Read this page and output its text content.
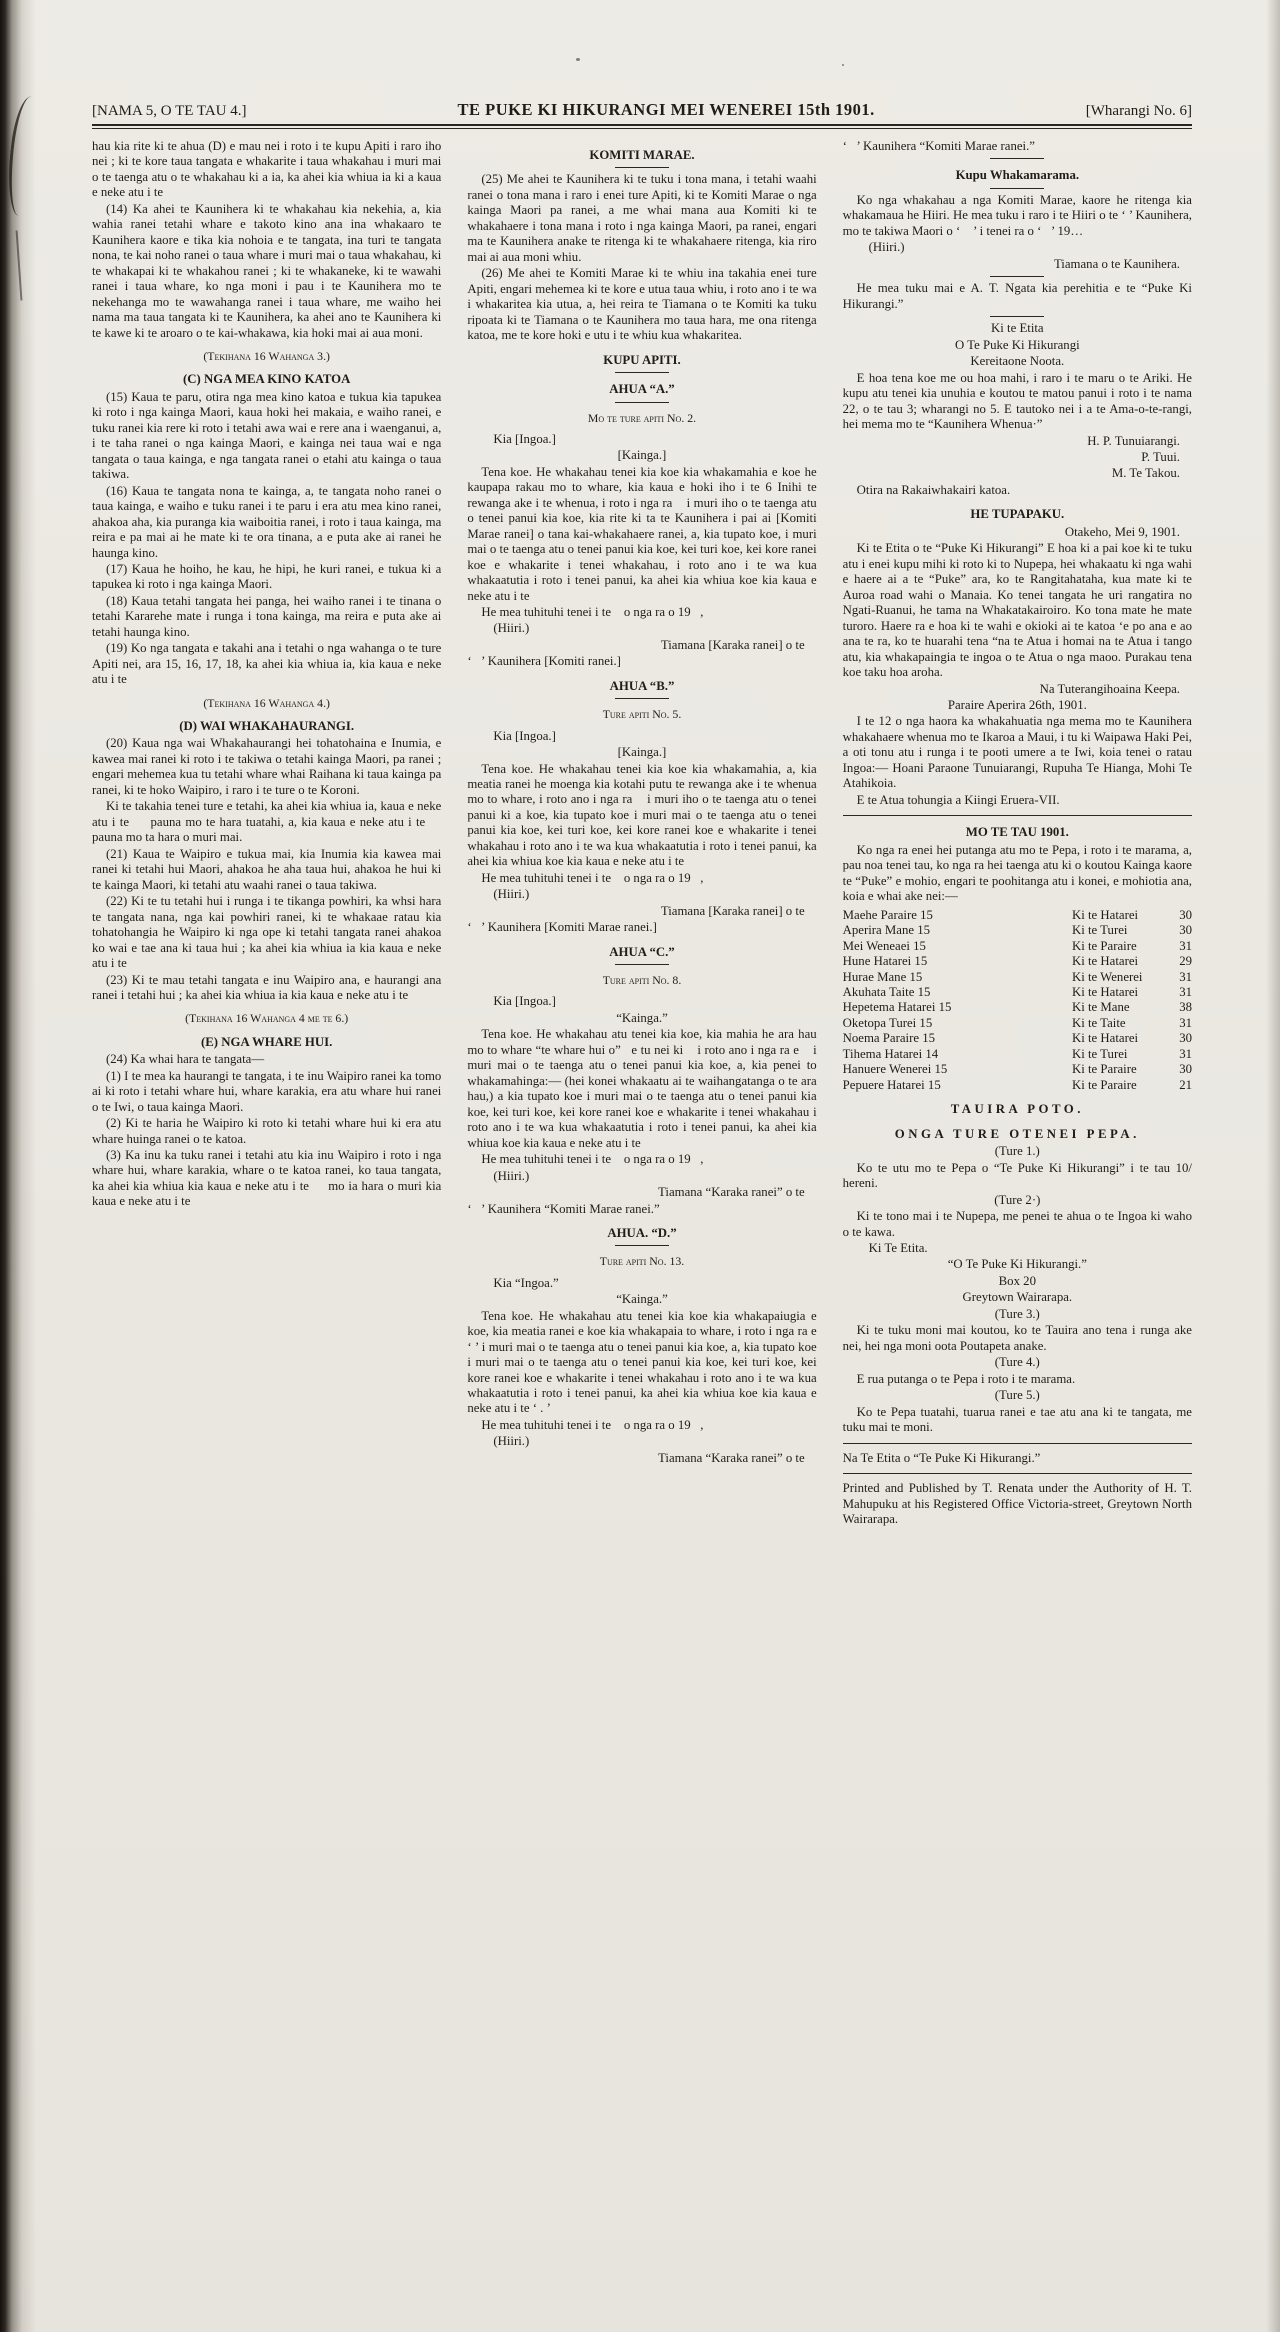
[NAMA 5, O TE TAU 4.]	TE PUKE KI HIKURANGI MEI WENEREI 15th 1901.	[Wharangi No. 6]
hau kia rite ki te ahua (D) e mau nei i roto i te kupu Apiti i raro iho nei ; ki te kore taua tangata e whakarite i taua whakahau i muri mai o te taenga atu o te whakahau ki a ia, ka ahei kia whiua ia ki a kaua e neke atu i te
(14) Ka ahei te Kaunihera ki te whakahau kia nekehia, a, kia wahia ranei tetahi whare e takoto kino ana ina whakaaro te Kaunihera kaore e tika kia nohoia e te tangata, ina turi te tangata nona, te kai noho ranei o taua whare i muri mai o taua whakahau, ki te whakapai ki te whakahou ranei ; ki te whakaneke, ki te wawahi ranei i taua whare, ko nga moni i pau i te Kaunihera mo te nekehanga mo te wawahanga ranei i taua whare, me waiho hei nama ma taua tangata ki te Kaunihera, ka ahei ano te Kaunihera ki te kawe ki te aroaro o te kai-whakawa, kia hoki mai ai aua moni.
(Tekihana 16 Wahanga 3.)
(C) NGA MEA KINO KATOA
(15) Kaua te paru, otira nga mea kino katoa e tukua kia tapukea ki roto i nga kainga Maori, kaua hoki hei makaia, e waiho ranei, e tuku ranei kia rere ki roto i tetahi awa wai e rere ana i waenganui, a, i te taha ranei o nga kainga Maori, e kainga nei taua wai e nga tangata o taua kainga, e nga tangata ranei o etahi atu kainga o taua takiwa.
(16) Kaua te tangata nona te kainga, a, te tangata noho ranei o taua kainga, e waiho e tuku ranei i te paru i era atu mea kino ranei, ahakoa aha, kia puranga kia waiboitia ranei, i roto i taua kainga, ma reira e pa mai ai he mate ki te ora tinana, a e puta ake ai ranei he haunga kino.
(17) Kaua he hoiho, he kau, he hipi, he kuri ranei, e tukua ki a tapukea ki roto i nga kainga Maori.
(18) Kaua tetahi tangata hei panga, hei waiho ranei i te tinana o tetahi Kararehe mate i runga i tona kainga, ma reira e puta ake ai tetahi haunga kino.
(19) Ko nga tangata e takahi ana i tetahi o nga wahanga o te ture Apiti nei, ara 15, 16, 17, 18, ka ahei kia whiua ia, kia kaua e neke atu i te
(Tekihana 16 Wahanga 4.)
(D) WAI WHAKAHAURANGI.
(20) Kaua nga wai Whakahaurangi hei tohatohaina e Inumia, e kawea mai ranei ki roto i te takiwa o tetahi kainga Maori, pa ranei ; engari mehemea kua tu tetahi whare whai Raihana ki taua kainga pa ranei, ki te hoko Waipiro, i raro i te ture o te Koroni.
Ki te takahia tenei ture e tetahi, ka ahei kia whiua ia, kaua e neke atu i te     pauna mo te hara tuatahi, a, kia kaua e neke atu i te     pauna mo ta hara o muri mai.
(21) Kaua te Waipiro e tukua mai, kia Inumia kia kawea mai ranei ki tetahi hui Maori, ahakoa he aha taua hui, ahakoa he hui ki te kainga Maori, ki tetahi atu waahi ranei o taua takiwa.
(22) Ki te tu tetahi hui i runga i te tikanga powhiri, ka whsi hara te tangata nana, nga kai powhiri ranei, ki te whakaae ratau kia tohatohangia he Waipiro ki nga ope ki tetahi tangata ranei ahakoa ko wai e tae ana ki taua hui ; ka ahei kia whiua ia kia kaua e neke atu i te
(23) Ki te mau tetahi tangata e inu Waipiro ana, e haurangi ana ranei i tetahi hui ; ka ahei kia whiua ia kia kaua e neke atu i te
(Tekihana 16 Wahanga 4 me te 6.)
(E) NGA WHARE HUI.
(24) Ka whai hara te tangata—
(1) I te mea ka haurangi te tangata, i te inu Waipiro ranei ka tomo ai ki roto i tetahi whare hui, whare karakia, era atu whare hui ranei o te Iwi, o taua kainga Maori.
(2) Ki te haria he Waipiro ki roto ki tetahi whare hui ki era atu whare huinga ranei o te katoa.
(3) Ka inu ka tuku ranei i tetahi atu kia inu Waipiro i roto i nga whare hui, whare karakia, whare o te katoa ranei, ko taua tangata, ka ahei kia whiua kia kaua e neke atu i te     mo ia hara o muri kia kaua e neke atu i te
KOMITI MARAE.
(25) Me ahei te Kaunihera ki te tuku i tona mana, i tetahi waahi ranei o tona mana i raro i enei ture Apiti, ki te Komiti Marae o nga kainga Maori pa ranei, a me whai mana aua Komiti ki te whakahaere i tona mana i roto i nga kainga Maori, pa ranei, engari ma te Kaunihera anake te ritenga ki te whakahaere ritenga, kia riro mai ai aua moni whiu.
(26) Me ahei te Komiti Marae ki te whiu ina takahia enei ture Apiti, engari mehemea ki te kore e utua taua whiu, i roto ano i te wa i whakaritea kia utua, a, hei reira te Tiamana o te Komiti ka tuku ripoata ki te Tiamana o te Kaunihera mo taua hara, me ona ritenga katoa, me te kore hoki e utu i te whiu kua whakaritea.
KUPU APITI.
AHUA “A.”
Mo te ture apiti No. 2.
Kia [Ingoa.]
[Kainga.]
Tena koe. He whakahau tenei kia koe kia whakamahia e koe he kaupapa rakau mo to whare, kia kaua e hoki iho i te 6 Inihi te rewanga ake i te whenua, i roto i nga ra    i muri iho o te taenga atu o tenei panui kia koe, kia rite ki ta te Kaunihera i pai ai [Komiti Marae ranei] o tana kai-whakahaere ranei, a, kia tupato koe, i muri mai o te taenga atu o tenei panui kia koe, kei turi koe, kei kore ranei koe e whakarite i tenei whakahau, i roto ano i te wa kua whakaatutia i roto i tenei panui, ka ahei kia whiua koe kia kaua e neke atu i te
He mea tuhituhi tenei i te    o nga ra o 19   ,
(Hiiri.)
Tiamana [Karaka ranei] o te
‘   ’ Kaunihera [Komiti ranei.]
AHUA “B.”
Ture apiti No. 5.
Kia [Ingoa.]
[Kainga.]
Tena koe. He whakahau tenei kia koe kia whakamahia, a, kia meatia ranei he moenga kia kotahi putu te rewanga ake i te whenua mo to whare, i roto ano i nga ra    i muri iho o te taenga atu o tenei panui ki a koe, kia tupato koe i muri mai o te taenga atu o tenei panui kia koe, kei turi koe, kei kore ranei koe e whakarite i tenei whakahau i roto ano i te wa kua whakaatutia i roto i tenei panui, ka ahei kia whiua koe kia kaua e neke atu i te
He mea tuhituhi tenei i te    o nga ra o 19   ,
(Hiiri.)
Tiamana [Karaka ranei] o te
‘   ’ Kaunihera [Komiti Marae ranei.]
AHUA “C.”
Ture apiti No. 8.
Kia [Ingoa.]
“Kainga.”
Tena koe. He whakahau atu tenei kia koe, kia mahia he ara hau mo to whare “te whare hui o”   e tu nei ki    i roto ano i nga ra e    i muri mai o te taenga atu o tenei panui kia koe, a, kia penei to whakamahinga:— (hei konei whakaatu ai te waihangatanga o te ara hau,) a kia tupato koe i muri mai o te taenga atu o tenei panui kia koe, kei turi koe, kei kore ranei koe e whakarite i tenei whakahau i roto ano i te wa kua whakaatutia i roto i tenei panui, ka ahei kia whiua koe kia kaua e neke atu i te
He mea tuhituhi tenei i te    o nga ra o 19   ,
(Hiiri.)
Tiamana “Karaka ranei” o te
‘   ’ Kaunihera “Komiti Marae ranei.”
AHUA. “D.”
Ture apiti No. 13.
Kia “Ingoa.”
“Kainga.”
Tena koe. He whakahau atu tenei kia koe kia whakapaiugia e koe, kia meatia ranei e koe kia whakapaia to whare, i roto i nga ra e ‘ ’ i muri mai o te taenga atu o tenei panui kia koe, a, kia tupato koe i muri mai o te taenga atu o tenei panui kia koe, kei turi koe, kei kore ranei koe e whakarite i tenei whakahau i roto ano i te wa kua whakaatutia i roto i tenei panui, ka ahei kia whiua koe kia kaua e neke atu i te ‘ . ’
He mea tuhituhi tenei i te    o nga ra o 19   ,
(Hiiri.)
Tiamana “Karaka ranei” o te
‘   ’ Kaunihera “Komiti Marae ranei.”
Kupu Whakamarama.
Ko nga whakahau a nga Komiti Marae, kaore he ritenga kia whakamaua he Hiiri. He mea tuku i raro i te Hiiri o te ‘ ’ Kaunihera, mo te takiwa Maori o ‘    ’ i tenei ra o ‘   ’ 19…
(Hiiri.)
Tiamana o te Kaunihera.
He mea tuku mai e A. T. Ngata kia perehitia e te “Puke Ki Hikurangi.”
Ki te Etita
O Te Puke Ki Hikurangi
Kereitaone Noota.
E hoa tena koe me ou hoa mahi, i raro i te maru o te Ariki. He kupu atu tenei kia unuhia e koutou te matou panui i roto i te nama 22, o te tau 3; wharangi no 5. E tautoko nei i a te Ama-o-te-rangi, hei mema mo te “Kaunihera Whenua·”
H. P. Tunuiarangi.
P. Tuui.
M. Te Takou.
Otira na Rakaiwhakairi katoa.
HE TUPAPAKU.
Otakeho, Mei 9, 1901.
Ki te Etita o te “Puke Ki Hikurangi” E hoa ki a pai koe ki te tuku atu i enei kupu mihi ki roto ki to Nupepa, hei whakaatu ki nga wahi e haere ai a te “Puke” ara, ko te Rangitahataha, kua mate ki te Auroa road wahi o Manaia. Ko tenei tangata he uri rangatira no Ngati-Ruanui, he tama na Whakatakairoiro. Ko tona mate he mate turoro. Haere ra e hoa ki te wahi e okioki ai te katoa ‘e po ana e ao ana te ra, ko te huarahi tena “na te Atua i homai na te Atua i tango atu, kia whakapaingia te ingoa o te Atua o nga maoo. Purakau tena koe taku hoa aroha.
Na Tuterangihoaina Keepa.
Paraire Aperira 26th, 1901.
I te 12 o nga haora ka whakahuatia nga mema mo te Kaunihera whakahaere whenua mo te Ikaroa a Maui, i tu ki Waipawa Haki Pei, a oti tonu atu i runga i te pooti umere a te Iwi, koia tenei o ratau Ingoa:— Hoani Paraone Tunuiarangi, Rupuha Te Hianga, Mohi Te Atahikoia.
E te Atua tohungia a Kiingi Eruera-VII.
MO TE TAU 1901.
Ko nga ra enei hei putanga atu mo te Pepa, i roto i te marama, a, pau noa tenei tau, ko nga ra hei taenga atu ki o koutou Kainga kaore te “Puke” e mohio, engari te poohitanga atu i konei, e mohiotia ana, koia e whai ake nei:—
Maehe Paraire 15	Ki te Hatarei	30
Aperira Mane 15	Ki te Turei	30
Mei Weneaei 15	Ki te Paraire	31
Hune Hatarei 15	Ki te Hatarei	29
Hurae Mane 15	Ki te Wenerei	31
Akuhata Taite 15	Ki te Hatarei	31
Hepetema Hatarei 15	Ki te Mane	38
Oketopa Turei 15	Ki te Taite	31
Noema Paraire 15	Ki te Hatarei	30
Tihema Hatarei 14	Ki te Turei	31
Hanuere Wenerei 15	Ki te Paraire	30
Pepuere Hatarei 15	Ki te Paraire	21
TAUIRA POTO.
ONGA TURE OTENEI PEPA.
(Ture 1.)
Ko te utu mo te Pepa o “Te Puke Ki Hikurangi” i te tau 10/ hereni.
(Ture 2·)
Ki te tono mai i te Nupepa, me penei te ahua o te Ingoa ki waho o te kawa.
Ki Te Etita.
“O Te Puke Ki Hikurangi.”
Box 20
Greytown Wairarapa.
(Ture 3.)
Ki te tuku moni mai koutou, ko te Tauira ano tena i runga ake nei, hei nga moni oota Poutapeta anake.
(Ture 4.)
E rua putanga o te Pepa i roto i te marama.
(Ture 5.)
Ko te Pepa tuatahi, tuarua ranei e tae atu ana ki te tangata, me tuku mai te moni.
Na Te Etita o “Te Puke Ki Hikurangi.”
Printed and Published by T. Renata under the Authority of H. T. Mahupuku at his Registered Office Victoria-street, Greytown North Wairarapa.
